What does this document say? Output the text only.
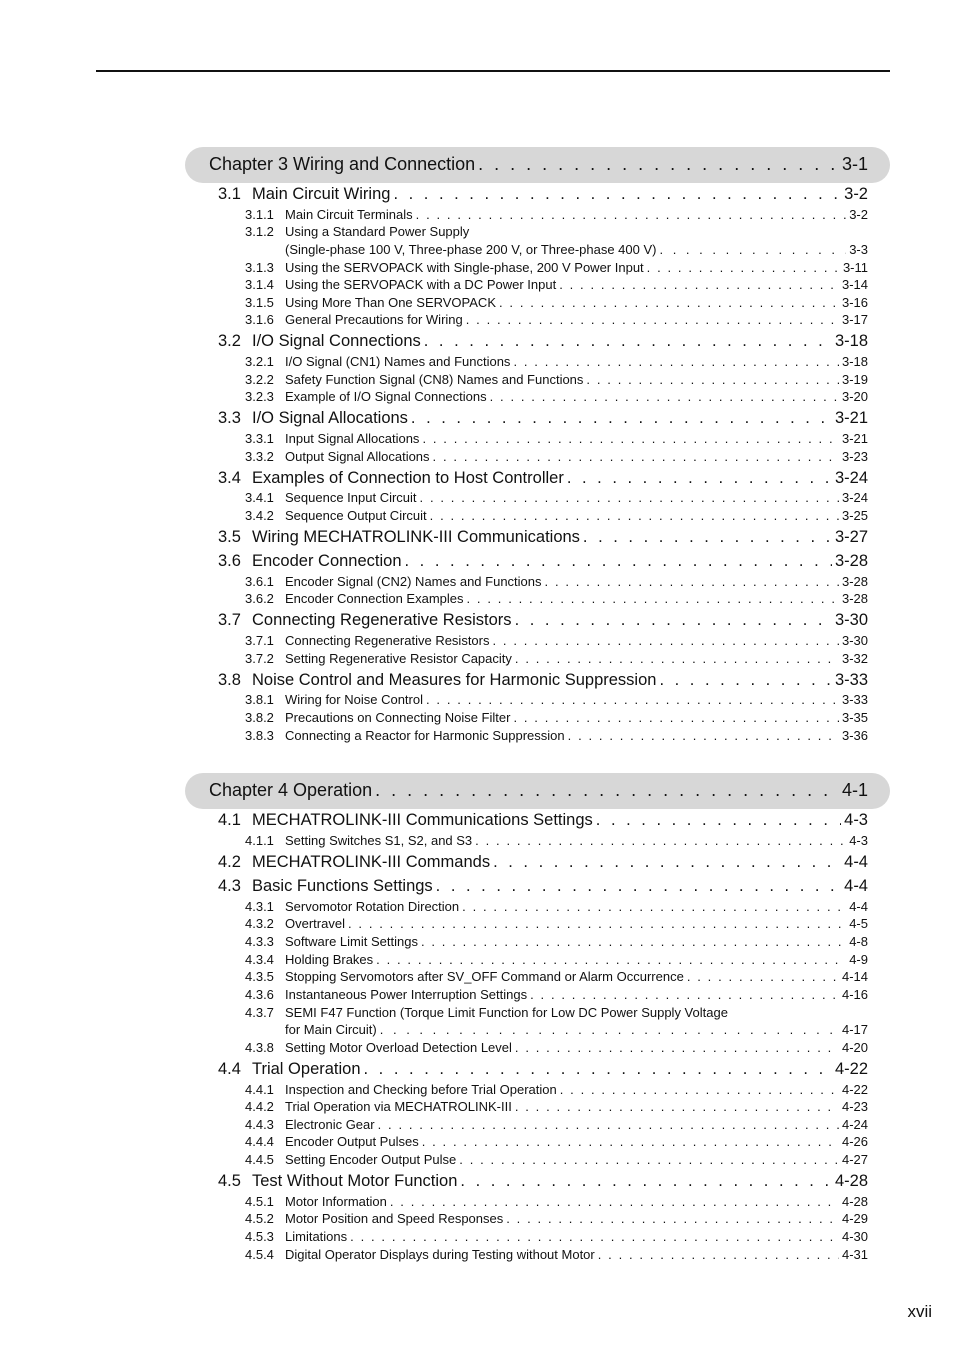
Chapter 3 Wiring and Connection . . .	3-1
3.1 Main Circuit Wiring . . .	3-2
3.1.1 Main Circuit Terminals . . .	3-2
3.1.2 Using a Standard Power Supply
(Single-phase 100 V, Three-phase 200 V, or Three-phase 400 V) . . .	3-3
3.1.3 Using the SERVOPACK with Single-phase, 200 V Power Input . . .	3-11
3.1.4 Using the SERVOPACK with a DC Power Input . . .	3-14
3.1.5 Using More Than One SERVOPACK . . .	3-16
3.1.6 General Precautions for Wiring . . .	3-17
3.2 I/O Signal Connections . . .	3-18
3.2.1 I/O Signal (CN1) Names and Functions . . .	3-18
3.2.2 Safety Function Signal (CN8) Names and Functions . . .	3-19
3.2.3 Example of I/O Signal Connections . . .	3-20
3.3 I/O Signal Allocations . . .	3-21
3.3.1 Input Signal Allocations . . .	3-21
3.3.2 Output Signal Allocations . . .	3-23
3.4 Examples of Connection to Host Controller . . .	3-24
3.4.1 Sequence Input Circuit . . .	3-24
3.4.2 Sequence Output Circuit . . .	3-25
3.5 Wiring MECHATROLINK-III Communications . . .	3-27
3.6 Encoder Connection . . .	3-28
3.6.1 Encoder Signal (CN2) Names and Functions . . .	3-28
3.6.2 Encoder Connection Examples . . .	3-28
3.7 Connecting Regenerative Resistors . . .	3-30
3.7.1 Connecting Regenerative Resistors . . .	3-30
3.7.2 Setting Regenerative Resistor Capacity . . .	3-32
3.8 Noise Control and Measures for Harmonic Suppression . . .	3-33
3.8.1 Wiring for Noise Control . . .	3-33
3.8.2 Precautions on Connecting Noise Filter . . .	3-35
3.8.3 Connecting a Reactor for Harmonic Suppression . . .	3-36
Chapter 4 Operation . . .	4-1
4.1 MECHATROLINK-III Communications Settings . . .	4-3
4.1.1 Setting Switches S1, S2, and S3 . . .	4-3
4.2 MECHATROLINK-III Commands . . .	4-4
4.3 Basic Functions Settings . . .	4-4
4.3.1 Servomotor Rotation Direction . . .	4-4
4.3.2 Overtravel . . .	4-5
4.3.3 Software Limit Settings . . .	4-8
4.3.4 Holding Brakes . . .	4-9
4.3.5 Stopping Servomotors after SV_OFF Command or Alarm Occurrence . . .	4-14
4.3.6 Instantaneous Power Interruption Settings . . .	4-16
4.3.7 SEMI F47 Function (Torque Limit Function for Low DC Power Supply Voltage
for Main Circuit) . . .	4-17
4.3.8 Setting Motor Overload Detection Level . . .	4-20
4.4 Trial Operation . . .	4-22
4.4.1 Inspection and Checking before Trial Operation . . .	4-22
4.4.2 Trial Operation via MECHATROLINK-III . . .	4-23
4.4.3 Electronic Gear . . .	4-24
4.4.4 Encoder Output Pulses . . .	4-26
4.4.5 Setting Encoder Output Pulse . . .	4-27
4.5 Test Without Motor Function . . .	4-28
4.5.1 Motor Information . . .	4-28
4.5.2 Motor Position and Speed Responses . . .	4-29
4.5.3 Limitations . . .	4-30
4.5.4 Digital Operator Displays during Testing without Motor . . .	4-31
xvii
